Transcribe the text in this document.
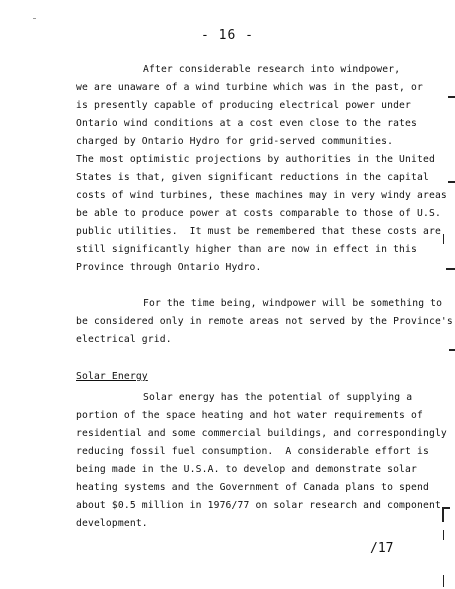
- 16 -
After considerable research into windpower,
we are unaware of a wind turbine which was in the past, or
is presently capable of producing electrical power under
Ontario wind conditions at a cost even close to the rates
charged by Ontario Hydro for grid-served communities.
The most optimistic projections by authorities in the United
States is that, given significant reductions in the capital
costs of wind turbines, these machines may in very windy areas
be able to produce power at costs comparable to those of U.S.
public utilities.  It must be remembered that these costs are
still significantly higher than are now in effect in this
Province through Ontario Hydro.
For the time being, windpower will be something to
be considered only in remote areas not served by the Province's
electrical grid.
Solar Energy
Solar energy has the potential of supplying a
portion of the space heating and hot water requirements of
residential and some commercial buildings, and correspondingly
reducing fossil fuel consumption.  A considerable effort is
being made in the U.S.A. to develop and demonstrate solar
heating systems and the Government of Canada plans to spend
about $0.5 million in 1976/77 on solar research and component
development.
/17
